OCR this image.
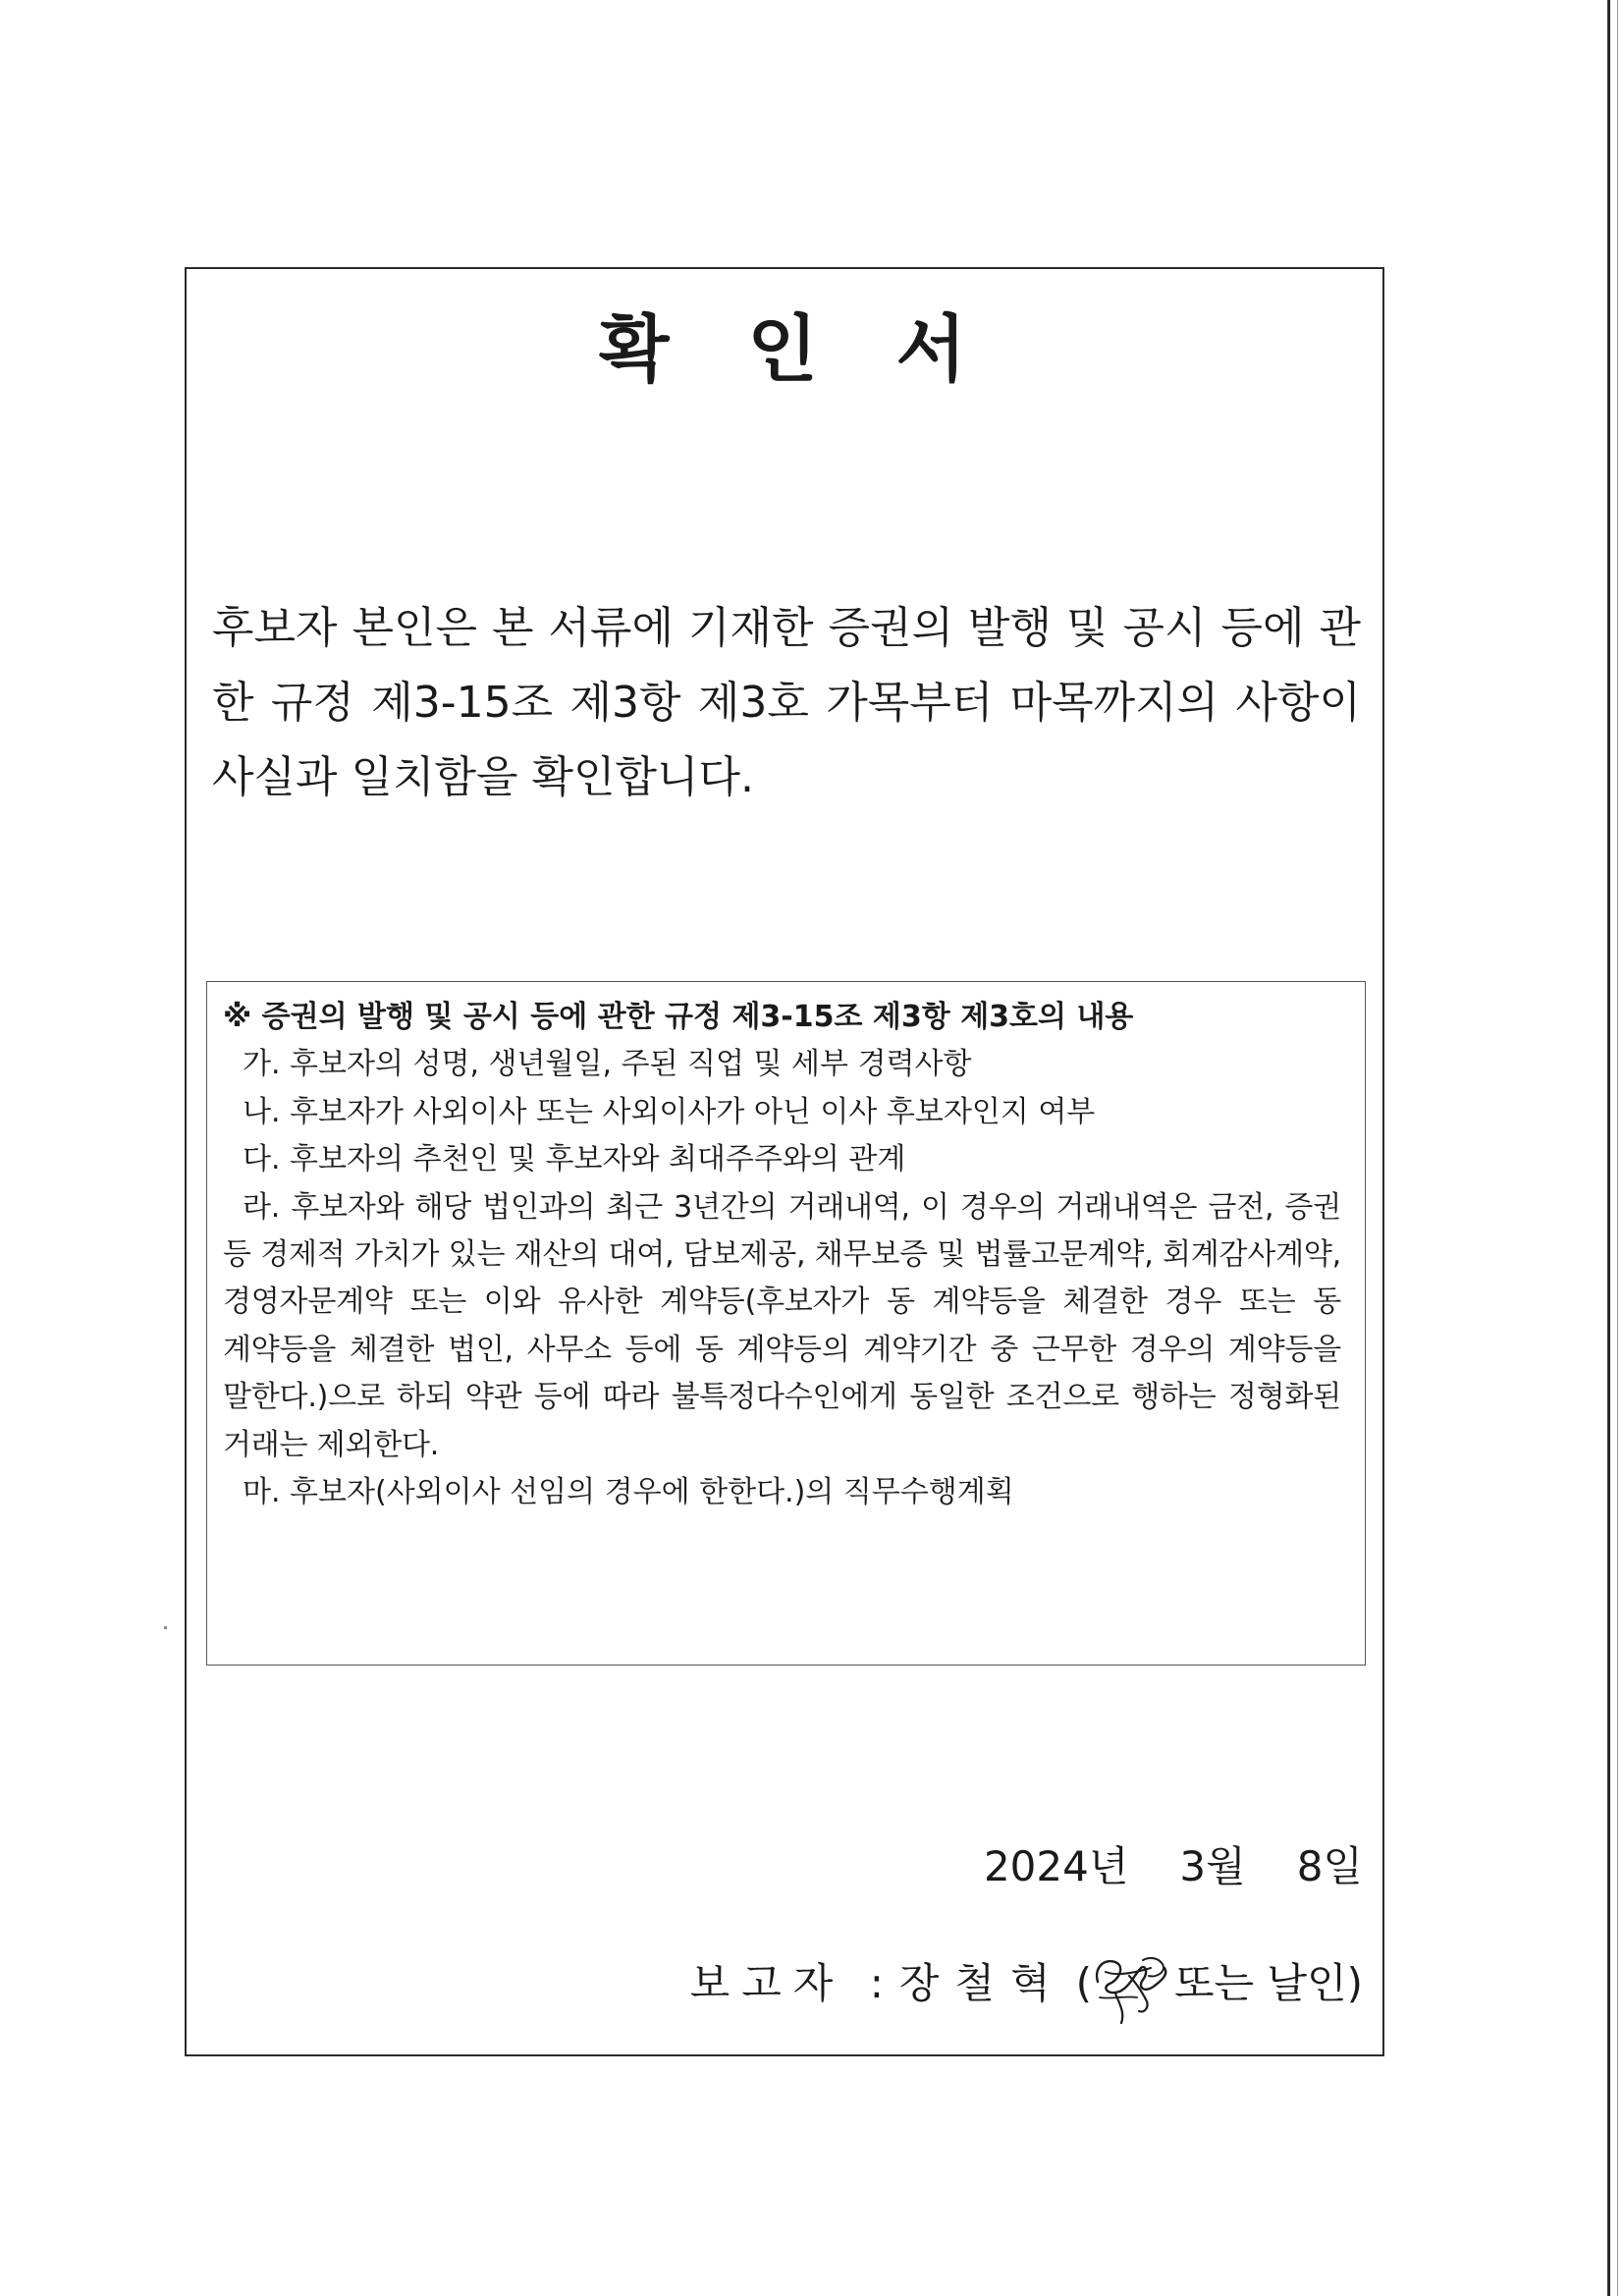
확 인 서
후보자 본인은 본 서류에 기재한 증권의 발행 및 공시 등에 관한 규정 제3-15조 제3항 제3호 가목부터 마목까지의 사항이 사실과 일치함을 확인합니다.
※ 증권의 발행 및 공시 등에 관한 규정 제3-15조 제3항 제3호의 내용
가. 후보자의 성명, 생년월일, 주된 직업 및 세부 경력사항
나. 후보자가 사외이사 또는 사외이사가 아닌 이사 후보자인지 여부
다. 후보자의 추천인 및 후보자와 최대주주와의 관계
라. 후보자와 해당 법인과의 최근 3년간의 거래내역, 이 경우의 거래내역은 금전, 증권 등 경제적 가치가 있는 재산의 대여, 담보제공, 채무보증 및 법률고문계약, 회계감사계약, 경영자문계약 또는 이와 유사한 계약등(후보자가 동 계약등을 체결한 경우 또는 동 계약등을 체결한 법인, 사무소 등에 동 계약등의 계약기간 중 근무한 경우의 계약등을 말한다.)으로 하되 약관 등에 따라 불특정다수인에게 동일한 조건으로 행하는 정형화된 거래는 제외한다.
마. 후보자(사외이사 선임의 경우에 한한다.)의 직무수행계획
2024년 3월 8일
보고자 : 장철혁 ( 또는 날인)
